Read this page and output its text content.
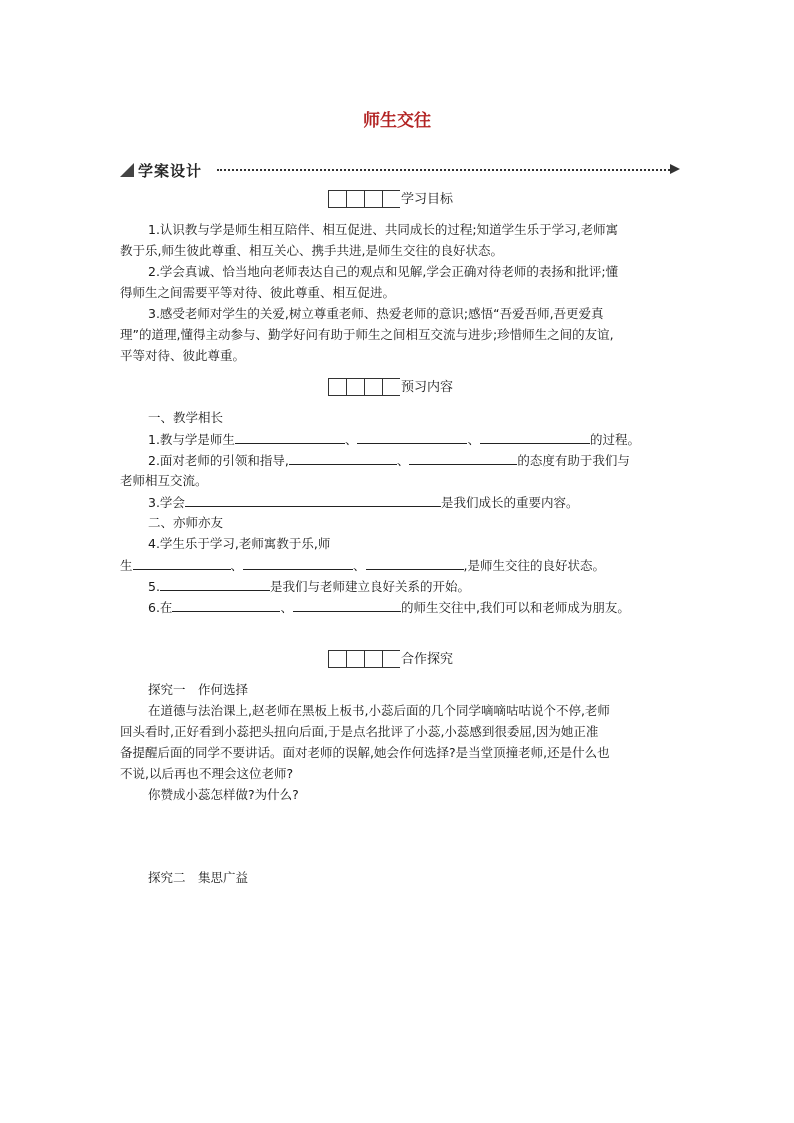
师生交往
学案设计
学习目标
1.认识教与学是师生相互陪伴、相互促进、共同成长的过程;知道学生乐于学习,老师寓
教于乐,师生彼此尊重、相互关心、携手共进,是师生交往的良好状态。
2.学会真诚、恰当地向老师表达自己的观点和见解,学会正确对待老师的表扬和批评;懂
得师生之间需要平等对待、彼此尊重、相互促进。
3.感受老师对学生的关爱,树立尊重老师、热爱老师的意识;感悟“吾爱吾师,吾更爱真
理”的道理,懂得主动参与、勤学好问有助于师生之间相互交流与进步;珍惜师生之间的友谊,
平等对待、彼此尊重。
预习内容
一、教学相长
1.教与学是师生	、	、	的过程。
2.面对老师的引领和指导,	、	的态度有助于我们与
老师相互交流。
3.学会	是我们成长的重要内容。
二、亦师亦友
4.学生乐于学习,老师寓教于乐,师
生	、	、	,是师生交往的良好状态。
5.	是我们与老师建立良好关系的开始。
6.在	、	的师生交往中,我们可以和老师成为朋友。
合作探究
探究一　作何选择
在道德与法治课上,赵老师在黑板上板书,小蕊后面的几个同学嘀嘀咕咕说个不停,老师
回头看时,正好看到小蕊把头扭向后面,于是点名批评了小蕊,小蕊感到很委屈,因为她正准
备提醒后面的同学不要讲话。面对老师的误解,她会作何选择?是当堂顶撞老师,还是什么也
不说,以后再也不理会这位老师?
你赞成小蕊怎样做?为什么?
探究二　集思广益
